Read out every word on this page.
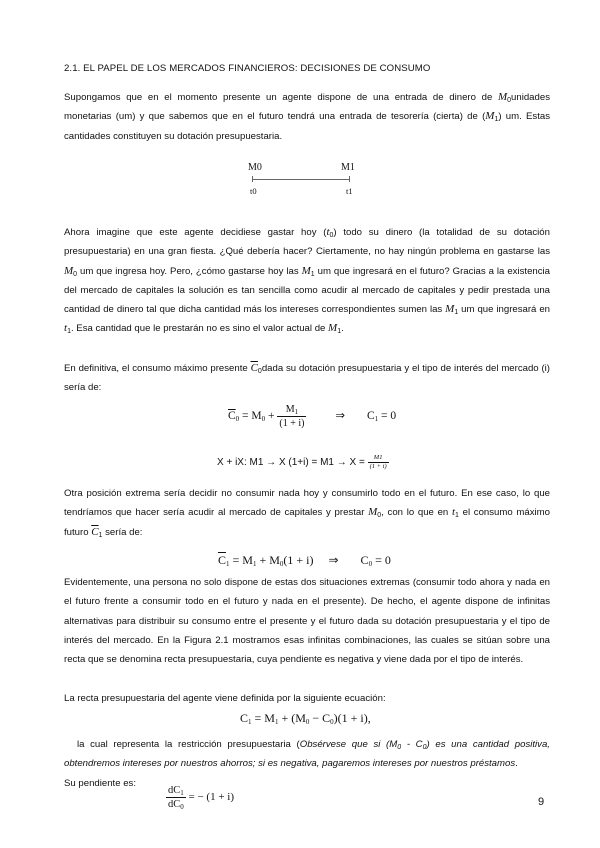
2.1. EL PAPEL DE LOS MERCADOS FINANCIEROS: DECISIONES DE CONSUMO

Supongamos que en el momento presente un agente dispone de una entrada de dinero de $M_0unidades$ monetarias (um) y que sabemos que en el futuro tendrá una entrada de tesorería (cierta) de $(M_1)$ um. Estas cantidades constituyen su dotación presupuestaria.

M0	M1
t0	t1

Ahora imagine que este agente decidiese gastar hoy $(t_0)$ todo su dinero (la totalidad de su dotación presupuestaria) en una gran fiesta. ¿Qué debería hacer? Ciertamente, no hay ningún problema en gastarse las $M_0$ um que ingresa hoy. Pero, ¿cómo gastarse hoy las $M_1$ um que ingresará en el futuro? Gracias a la existencia del mercado de capitales la solución es tan sencilla como acudir al mercado de capitales y pedir prestada una cantidad de dinero tal que dicha cantidad más los intereses correspondientes sumen las $M_1$ um que ingresará en $t_1$. Esa cantidad que le prestarán no es sino el valor actual de $M_1$.

En definitiva, el consumo máximo presente $\overline{C}_0dada$ su dotación presupuestaria y el tipo de interés del mercado (i) sería de:

$\overline{C}_0 = M_0 + \frac{M_1}{(1 + i)}$	⇒ $C_1 = 0$
X + iX: M1 → X $(1+i) = M1 \to X = \frac{M1}{(1 + i)}$

Otra posición extrema sería decidir no consumir nada hoy y consumirlo todo en el futuro. En ese caso, lo que tendríamos que hacer sería acudir al mercado de capitales y prestar $M_0$, con lo que en $t_1$ el consumo máximo futuro $\overline{C}_1$ sería de:

$\overline{C}_1 = M_1 + M_0(1 + i)$ ⇒ $C_0 = 0$

Evidentemente, una persona no solo dispone de estas dos situaciones extremas (consumir todo ahora y nada en el futuro frente a consumir todo en el futuro y nada en el presente). De hecho, el agente dispone de infinitas alternativas para distribuir su consumo entre el presente y el futuro dada su dotación presupuestaria y el tipo de interés del mercado. En la Figura 2.1 mostramos esas infinitas combinaciones, las cuales se sitúan sobre una recta que se denomina recta presupuestaria, cuya pendiente es negativa y viene dada por el tipo de interés.

La recta presupuestaria del agente viene definida por la siguiente ecuación:

$C_1 = M_1 + (M_0 - C_0)(1 + i)$,

la cual representa la restricción presupuestaria (Obsérvese que si $(M_0 - C_0)$ es una cantidad positiva, obtendremos intereses por nuestros ahorros; si es negativa, pagaremos intereses por nuestros préstamos.

Su pendiente es:

$\frac{dC_1}{dC_0}$ = − (1 + i)	9
